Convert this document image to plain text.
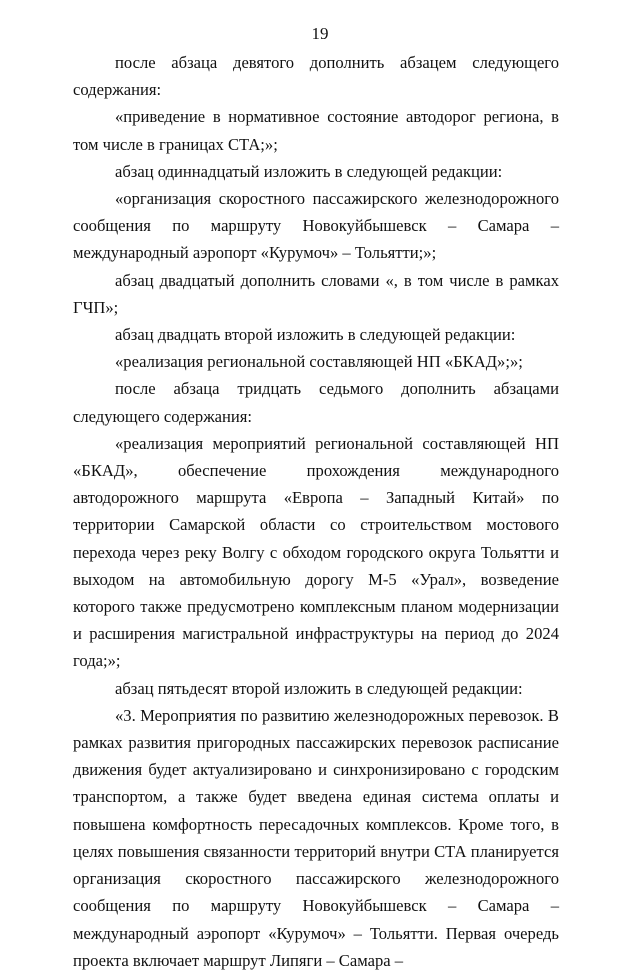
19

после абзаца девятого дополнить абзацем следующего содержания:

«приведение в нормативное состояние автодорог региона, в том числе в границах СТА;»;

абзац одиннадцатый изложить в следующей редакции:

«организация скоростного пассажирского железнодорожного сообщения по маршруту Новокуйбышевск – Самара – международный аэропорт «Курумоч» – Тольятти;»;

абзац двадцатый дополнить словами «, в том числе в рамках ГЧП»;

абзац двадцать второй изложить в следующей редакции:

«реализация региональной составляющей НП «БКАД»;»;

после абзаца тридцать седьмого дополнить абзацами следующего содержания:

«реализация мероприятий региональной составляющей НП «БКАД», обеспечение прохождения международного автодорожного маршрута «Европа – Западный Китай» по территории Самарской области со строительством мостового перехода через реку Волгу с обходом городского округа Тольятти и выходом на автомобильную дорогу М-5 «Урал», возведение которого также предусмотрено комплексным планом модернизации и расширения магистральной инфраструктуры на период до 2024 года;»;

абзац пятьдесят второй изложить в следующей редакции:

«3. Мероприятия по развитию железнодорожных перевозок. В рамках развития пригородных пассажирских перевозок расписание движения будет актуализировано и синхронизировано с городским транспортом, а также будет введена единая система оплаты и повышена комфортность пересадочных комплексов. Кроме того, в целях повышения связанности территорий внутри СТА планируется организация скоростного пассажирского железнодорожного сообщения по маршруту Новокуйбышевск – Самара – международный аэропорт «Курумоч» – Тольятти. Первая очередь проекта включает маршрут Липяги – Самара –
